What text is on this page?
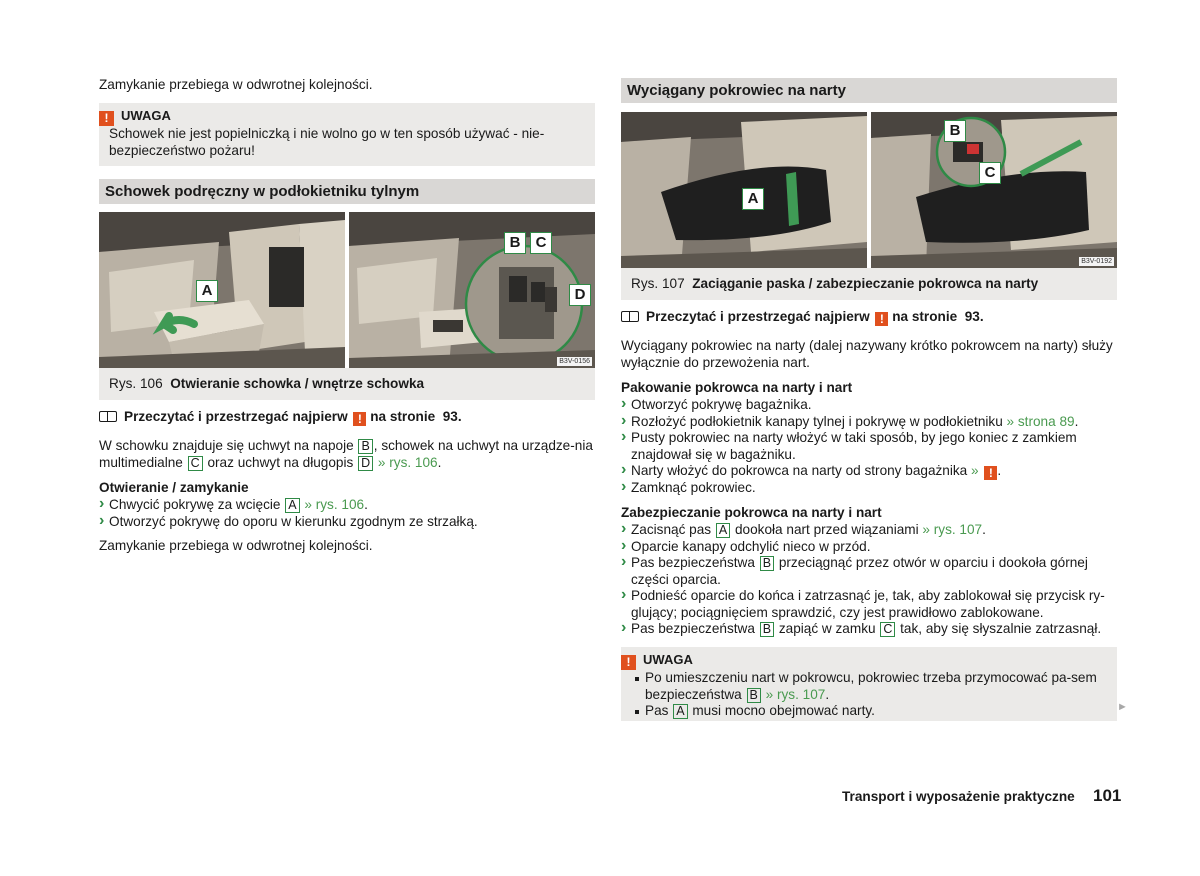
Zamykanie przebiega w odwrotnej kolejności.

! UWAGA

Schowek nie jest popielniczką i nie wolno go w ten sposób używać - nie-bezpieczeństwo pożaru!

Schowek podręczny w podłokietniku tylnym
A
B	C
D
B3V-0156
Rys. 106 Otwieranie schowka / wnętrze schowka
Przeczytać i przestrzegać najpierw ! na stronie 93.

W schowku znajduje się uchwyt na napoje B , schowek na uchwyt na urządze-nia multimedialne C oraz uchwyt na długopis D » rys. 106.

Otwieranie / zamykanie
› Chwycić pokrywę za wcięcie A » rys. 106.
› Otworzyć pokrywę do oporu w kierunku zgodnym ze strzałką.

Zamykanie przebiega w odwrotnej kolejności.

Wyciągany pokrowiec na narty
A
B
C
B3V-0192
Rys. 107 Zaciąganie paska / zabezpieczanie pokrowca na narty
Przeczytać i przestrzegać najpierw ! na stronie 93.

Wyciągany pokrowiec na narty (dalej nazywany krótko pokrowcem na narty) służy wyłącznie do przewożenia nart.

Pakowanie pokrowca na narty i nart
› Otworzyć pokrywę bagażnika.
› Rozłożyć podłokietnik kanapy tylnej i pokrywę w podłokietniku » strona 89.
› Pusty pokrowiec na narty włożyć w taki sposób, by jego koniec z zamkiem znajdował się w bagażniku.
› Narty włożyć do pokrowca na narty od strony bagażnika » ! .
› Zamknąć pokrowiec.
Zabezpieczanie pokrowca na narty i nart
› Zacisnąć pas A dookoła nart przed wiązaniami » rys. 107.
› Oparcie kanapy odchylić nieco w przód.
› Pas bezpieczeństwa B przeciągnąć przez otwór w oparciu i dookoła górnej części oparcia.
› Podnieść oparcie do końca i zatrzasnąć je, tak, aby zablokował się przycisk ry-glujący; pociągnięciem sprawdzić, czy jest prawidłowo zablokowane.
› Pas bezpieczeństwa B zapiąć w zamku C tak, aby się słyszalnie zatrzasnął.
! UWAGA
Po umieszczeniu nart w pokrowcu, pokrowiec trzeba przymocować pa-sem bezpieczeństwa B » rys. 107.
Pas A musi mocno obejmować narty.	►
Transport i wyposażenie praktyczne 101
